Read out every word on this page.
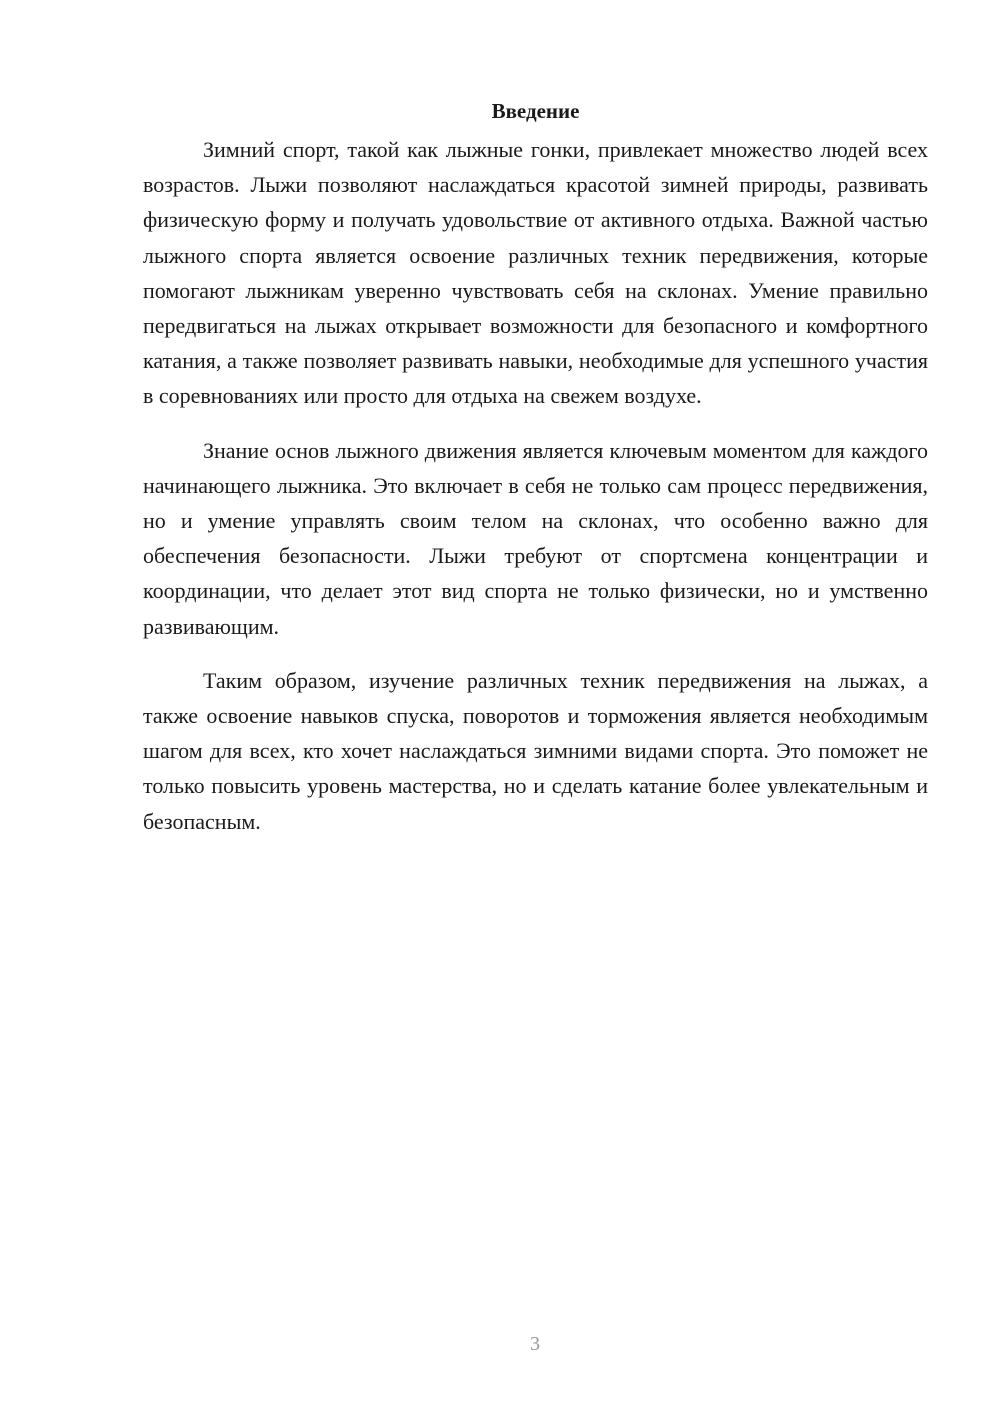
Введение

Зимний спорт, такой как лыжные гонки, привлекает множество людей всех возрастов. Лыжи позволяют наслаждаться красотой зимней природы, развивать физическую форму и получать удовольствие от активного отдыха. Важной частью лыжного спорта является освоение различных техник передвижения, которые помогают лыжникам уверенно чувствовать себя на склонах. Умение правильно передвигаться на лыжах открывает возможности для безопасного и комфортного катания, а также позволяет развивать навыки, необходимые для успешного участия в соревнованиях или просто для отдыха на свежем воздухе.

Знание основ лыжного движения является ключевым моментом для каждого начинающего лыжника. Это включает в себя не только сам процесс передвижения, но и умение управлять своим телом на склонах, что особенно важно для обеспечения безопасности. Лыжи требуют от спортсмена концентрации и координации, что делает этот вид спорта не только физически, но и умственно развивающим.

Таким образом, изучение различных техник передвижения на лыжах, а также освоение навыков спуска, поворотов и торможения является необходимым шагом для всех, кто хочет наслаждаться зимними видами спорта. Это поможет не только повысить уровень мастерства, но и сделать катание более увлекательным и безопасным.

3
